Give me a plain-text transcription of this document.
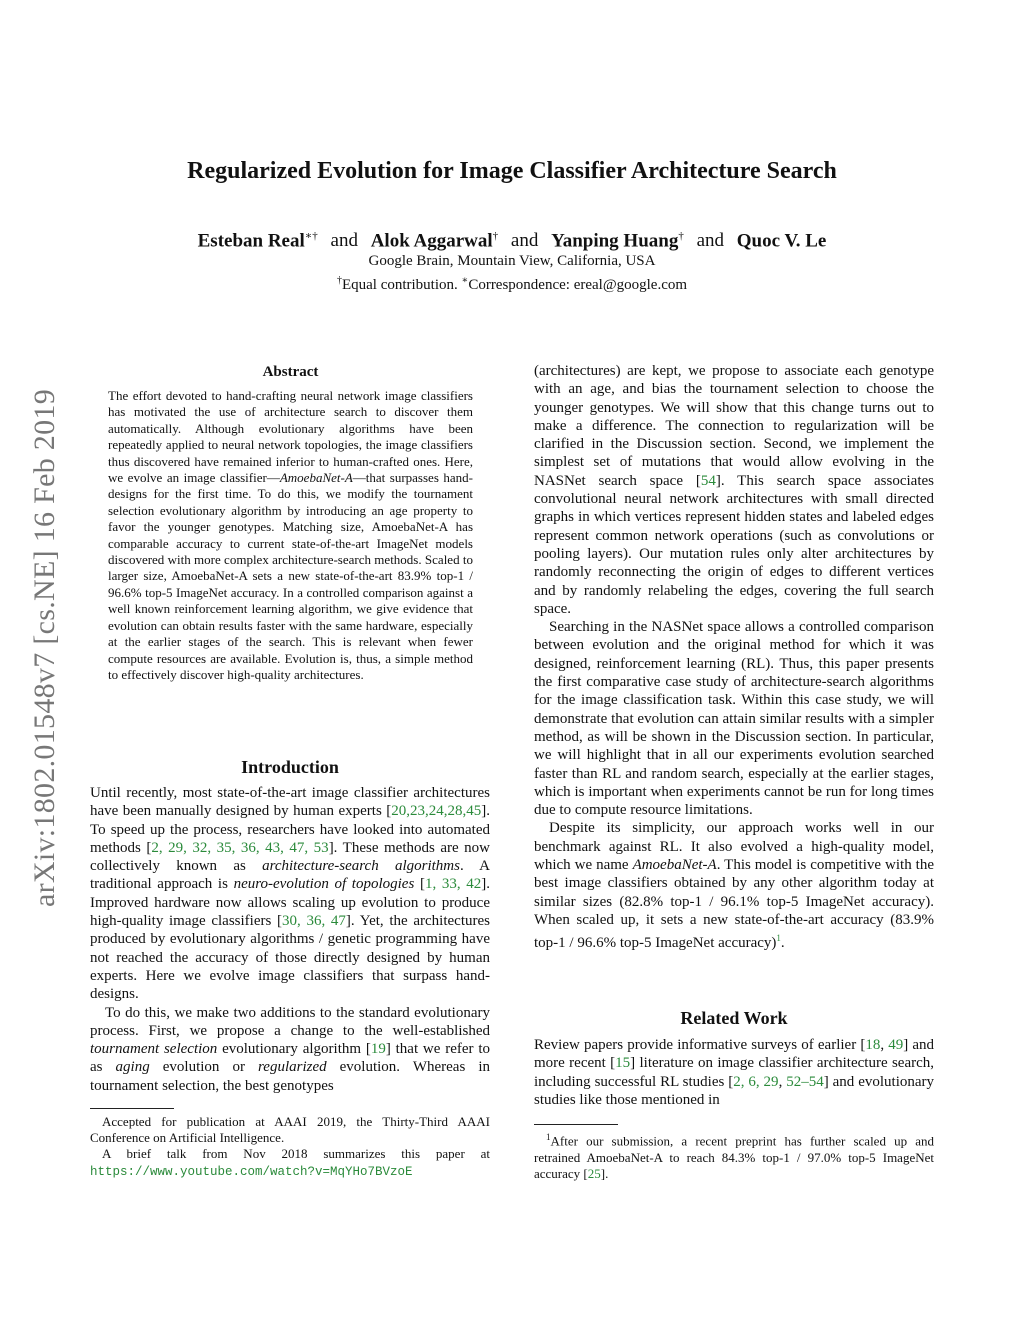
arXiv:1802.01548v7 [cs.NE] 16 Feb 2019
Regularized Evolution for Image Classifier Architecture Search
Esteban Real∗† and Alok Aggarwal† and Yanping Huang† and Quoc V. Le
Google Brain, Mountain View, California, USA
†Equal contribution. ∗Correspondence: ereal@google.com
Abstract
The effort devoted to hand-crafting neural network image classifiers has motivated the use of architecture search to discover them automatically. Although evolutionary algorithms have been repeatedly applied to neural network topologies, the image classifiers thus discovered have remained inferior to human-crafted ones. Here, we evolve an image classifier—AmoebaNet-A—that surpasses hand-designs for the first time. To do this, we modify the tournament selection evolutionary algorithm by introducing an age property to favor the younger genotypes. Matching size, AmoebaNet-A has comparable accuracy to current state-of-the-art ImageNet models discovered with more complex architecture-search methods. Scaled to larger size, AmoebaNet-A sets a new state-of-the-art 83.9% top-1 / 96.6% top-5 ImageNet accuracy. In a controlled comparison against a well known reinforcement learning algorithm, we give evidence that evolution can obtain results faster with the same hardware, especially at the earlier stages of the search. This is relevant when fewer compute resources are available. Evolution is, thus, a simple method to effectively discover high-quality architectures.
Introduction

Until recently, most state-of-the-art image classifier architectures have been manually designed by human experts [20,23,24,28,45]. To speed up the process, researchers have looked into automated methods [2, 29, 32, 35, 36, 43, 47, 53]. These methods are now collectively known as architecture-search algorithms. A traditional approach is neuro-evolution of topologies [1, 33, 42]. Improved hardware now allows scaling up evolution to produce high-quality image classifiers [30, 36, 47]. Yet, the architectures produced by evolutionary algorithms / genetic programming have not reached the accuracy of those directly designed by human experts. Here we evolve image classifiers that surpass hand-designs.

To do this, we make two additions to the standard evolutionary process. First, we propose a change to the well-established tournament selection evolutionary algorithm [19] that we refer to as aging evolution or regularized evolution. Whereas in tournament selection, the best genotypes

Accepted for publication at AAAI 2019, the Thirty-Third AAAI Conference on Artificial Intelligence.

A brief talk from Nov 2018 summarizes this paper at https://www.youtube.com/watch?v=MqYHo7BVzoE

(architectures) are kept, we propose to associate each genotype with an age, and bias the tournament selection to choose the younger genotypes. We will show that this change turns out to make a difference. The connection to regularization will be clarified in the Discussion section. Second, we implement the simplest set of mutations that would allow evolving in the NASNet search space [54]. This search space associates convolutional neural network architectures with small directed graphs in which vertices represent hidden states and labeled edges represent common network operations (such as convolutions or pooling layers). Our mutation rules only alter architectures by randomly reconnecting the origin of edges to different vertices and by randomly relabeling the edges, covering the full search space.

Searching in the NASNet space allows a controlled comparison between evolution and the original method for which it was designed, reinforcement learning (RL). Thus, this paper presents the first comparative case study of architecture-search algorithms for the image classification task. Within this case study, we will demonstrate that evolution can attain similar results with a simpler method, as will be shown in the Discussion section. In particular, we will highlight that in all our experiments evolution searched faster than RL and random search, especially at the earlier stages, which is important when experiments cannot be run for long times due to compute resource limitations.

Despite its simplicity, our approach works well in our benchmark against RL. It also evolved a high-quality model, which we name AmoebaNet-A. This model is competitive with the best image classifiers obtained by any other algorithm today at similar sizes (82.8% top-1 / 96.1% top-5 ImageNet accuracy). When scaled up, it sets a new state-of-the-art accuracy (83.9% top-1 / 96.6% top-5 ImageNet accuracy)$^1$.

Related Work

Review papers provide informative surveys of earlier [18, 49] and more recent [15] literature on image classifier architecture search, including successful RL studies [2, 6, 29, 52–54] and evolutionary studies like those mentioned in

$^1$After our submission, a recent preprint has further scaled up and retrained AmoebaNet-A to reach 84.3% top-1 / 97.0% top-5 ImageNet accuracy [25].
